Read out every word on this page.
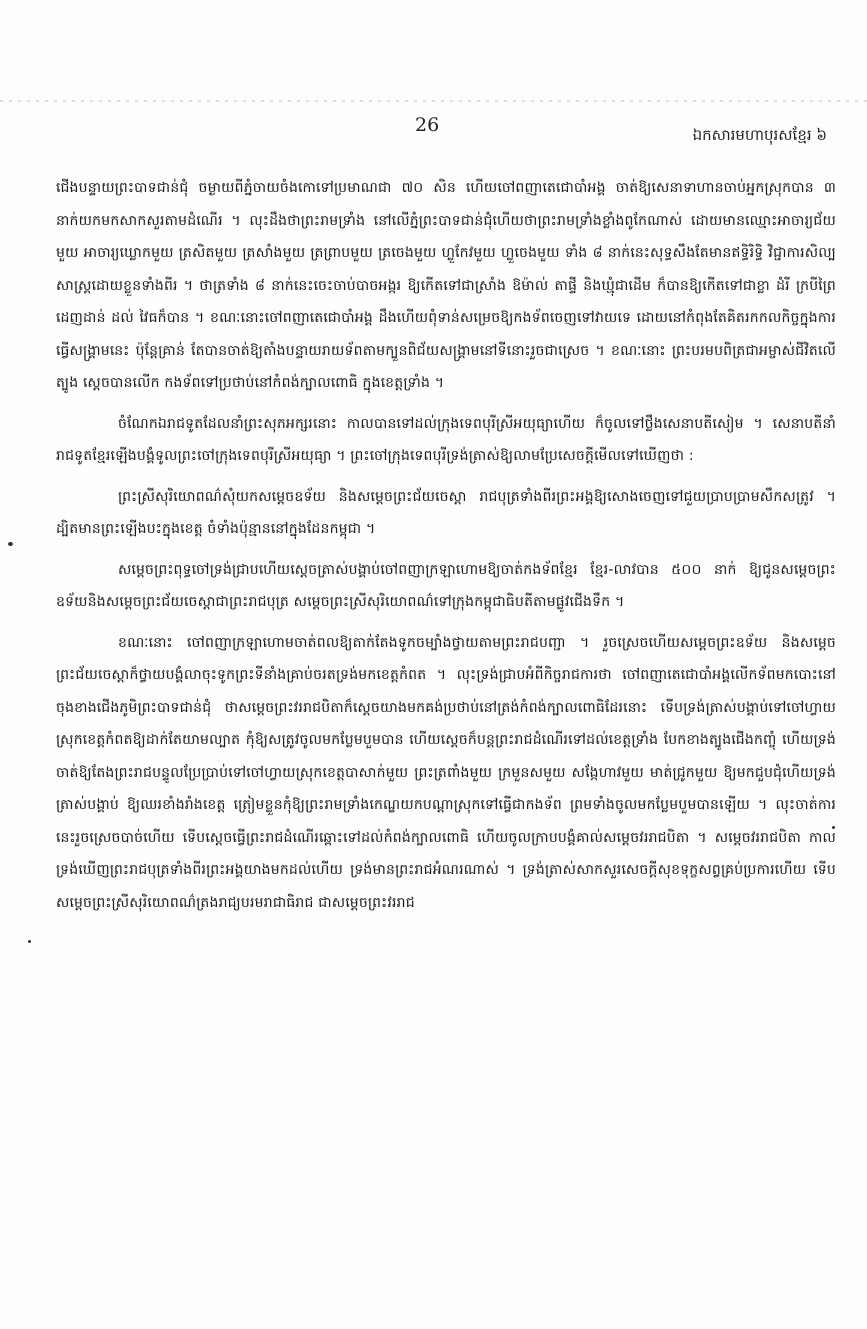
26	ឯកសារមហាបុរសខ្មែរ ៦

ជើងបន្ទាយព្រះបាទជាន់ជុំ ចម្ងាយពីភ្នំចាយចំងកោទៅប្រមាណជា ៧០ សិន ហើយចៅពញាតេជោបាំអង្គ ចាត់ឱ្យសេនាទាហានចាប់អ្នកស្រុកបាន ៣ នាក់យកមកសាកសួរតាមដំណើរ ។ លុះដឹងថាព្រះរាមទ្រាំង នៅលើភ្នំព្រះបាទជាន់ជុំហើយថាព្រះរាមទ្រាំងខ្លាំងពូកែណាស់ ដោយមានឈ្មោះអាចារ្យជ័យមួយ អាចារ្យឃ្លោកមួយ ត្រសិតមួយ ត្រសាំងមួយ ត្រព្រាបមួយ ត្រចេងមួយ ហ្លួកែវមួយ ហ្លួចេងមួយ ទាំង ៨ នាក់នេះសុទ្ធសឹងតែមានឥទ្ធិរិទ្ធិ វិជ្ជាការសិល្បសាស្ត្រដោយខ្លួនទាំងពីរ ។ ថាត្រទាំង ៨ នាក់នេះចេះចាប់បាចអង្ករ ឱ្យកើតទៅជាស្រាំង ឱម៉ាល់ តាផ្ទី និងឃ្មុំជាដើម ក៏បានឱ្យកើតទៅជាខ្លា ដំរី ក្របីព្រៃ ដេញដាន់ ដល់ វៃធក៏បាន ។ ខណៈនោះចៅពញាតេជោបាំអង្គ ដឹងហើយពុំទាន់សម្រេចឱ្យកងទ័ពចេញទៅវាយទេ ដោយនៅកំពុងតែគិតរកកលកិច្ចក្នុងការធ្វើសង្គ្រាមនេះ ប៉ុន្តែគ្រាន់ តែបានចាត់ឱ្យតាំងបន្ទាយរាយទ័ពតាមក្បួនពិជ័យសង្គ្រាមនៅទីនោះរួចជាស្រេច ។ ខណៈនោះ ព្រះបរមបពិត្រជាអម្ចាស់ជីវិតលើត្បូង ស្ដេចបានលើក កងទ័ពទៅប្រថាប់នៅកំពង់ក្បាលពោធិ ក្នុងខេត្តទ្រាំង ។

ចំណែកឯរាជទូតដែលនាំព្រះសុភអក្សរនោះ កាលបានទៅដល់ក្រុងទេពបុរីស្រីអយុធ្យាហើយ ក៏ចូលទៅថ្លឹងសេនាបតីសៀម ។ សេនាបតីនាំរាជទូតខ្មែរឡើងបង្គំទូលព្រះចៅក្រុងទេពបុរីស្រីអយុធ្យា ។ ព្រះចៅក្រុងទេពបុរីទ្រង់ត្រាស់ឱ្យលាមប្រែសេចក្ដីមើលទៅឃើញថា :

ព្រះស្រីសុរិយោពណ៌សុំយកសម្ដេចឧទ័យ និងសម្ដេចព្រះជ័យចេស្ដា រាជបុត្រទាំងពីរព្រះអង្គឱ្យសោងចេញទៅជួយប្រាបប្រាមសឹកសត្រូវ ។ ដ្បិតមានព្រះឡើងបះក្នុងខេត្ត ចំទាំងប៉ុន្មាននៅក្នុងដែនកម្ពុជា ។

សម្ដេចព្រះពុទ្ធចៅទ្រង់ជ្រាបហើយស្ដេចត្រាស់បង្គាប់ចៅពញាក្រឡាហោមឱ្យចាត់កងទ័ពខ្មែរ ខ្មែរ-លាវបាន ៥០០ នាក់ ឱ្យជូនសម្ដេចព្រះឧទ័យនិងសម្ដេចព្រះជ័យចេស្ដាជាព្រះរាជបុត្រ សម្ដេចព្រះស្រីសុរិយោពណ៌ទៅក្រុងកម្ពុជាធិបតីតាមផ្លូវជើងទឹក ។

ខណៈនោះ ចៅពញាក្រឡាហោមចាត់ពលឱ្យតាក់តែងទូកចម្បាំងថ្វាយតាមព្រះរាជបញ្ជា ។ រួចស្រេចហើយសម្ដេចព្រះឧទ័យ និងសម្ដេចព្រះជ័យចេស្ដាក៏ថ្វាយបង្គំលាចុះទូកព្រះទីនាំងគ្រាប់ចរតទ្រង់មកខេត្តកំពត ។ លុះទ្រង់ជ្រាបអំពីកិច្ចរាជការថា ចៅពញាតេជោបាំអង្គលើកទ័ពមកបោះនៅចុងខាងជើងភូមិព្រះបាទជាន់ជុំ ថាសម្ដេចព្រះវររាជបិតាក៏ស្ដេចយាងមកគង់ប្រថាប់នៅត្រង់កំពង់ក្បាលពោធិដែរនោះ ទើបទ្រង់ត្រាស់បង្គាប់ទៅចៅហ្វាយស្រុកខេត្តកំពតឱ្យដាក់តែយាមល្បាត កុំឱ្យសត្រូវចូលមកប្លែមបួមបាន ហើយស្ដេចក៏បន្តព្រះរាជដំណើរទៅដល់ខេត្តទ្រាំង បែកខាងត្បូងជើងកញ្ចុំ ហើយទ្រង់ចាត់ឱ្យតែងព្រះរាជបន្ទូលប្រែប្រាប់ទៅចៅហ្វាយស្រុកខេត្តបាសាក់មួយ ព្រះត្រពាំងមួយ ក្រមួនសមួយ សង្កែហាវមួយ មាត់ជ្រូកមួយ ឱ្យមកជួបជុំហើយទ្រង់ត្រាស់បង្គាប់ ឱ្យឈរខាំងរាំងខេត្ត ត្រៀមខ្លួនកុំឱ្យព្រះរាមទ្រាំងកេណ្ឌយកបណ្ដាស្រុកទៅធ្វើជាកងទ័ព ព្រមទាំងចូលមកប្លែមបួមបានឡើយ ។ លុះចាត់ការនេះរួចស្រេចបាច់ហើយ ទើបស្ដេចធ្វើព្រះរាជដំណើរឆ្ពោះទៅដល់កំពង់ក្បាលពោធិ ហើយចូលក្រាបបង្គំគាល់សម្ដេចវររាជបិតា ។ សម្ដេចវររាជបិតា កាលទ្រង់ឃើញព្រះរាជបុត្រទាំងពីរព្រះអង្គយាងមកដល់ហើយ ទ្រង់មានព្រះរាជអំណរណាស់ ។ ទ្រង់ត្រាស់សាកសួរសេចក្ដីសុខទុក្ខសព្វគ្រប់ប្រការហើយ ទើបសម្ដេចព្រះស្រីសុរិយោពណ៌ត្រងរាជ្យបរមរាជាធិរាជ ជាសម្ដេចព្រះវររាជ
